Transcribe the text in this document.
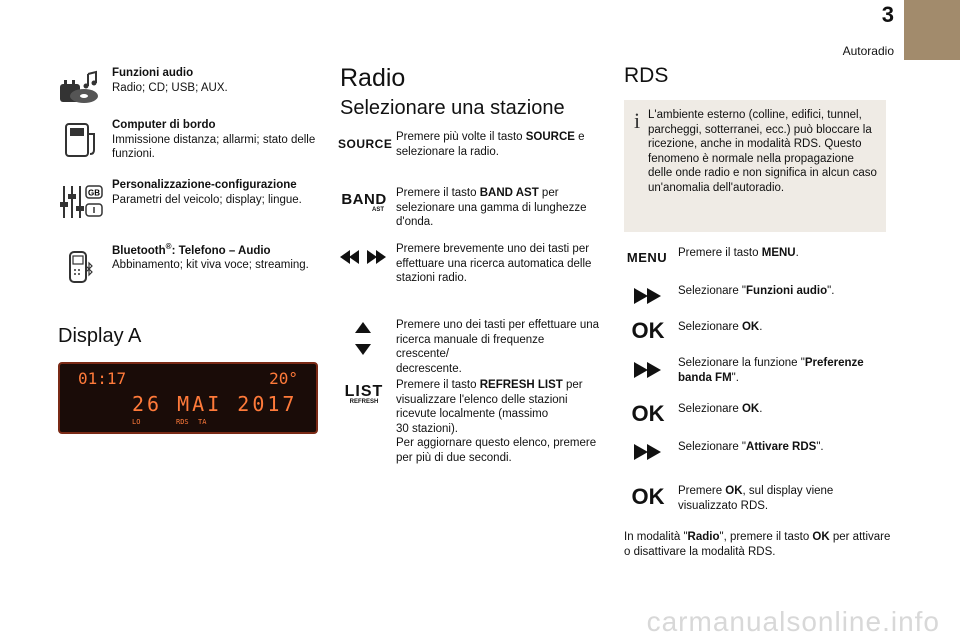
3
Autoradio
Funzioni audio
Radio; CD; USB; AUX.
Computer di bordo
Immissione distanza; allarmi; stato delle
funzioni.
GB
Personalizzazione-configurazione
Parametri del veicolo; display; lingue.
Bluetooth®: Telefono – Audio
Abbinamento; kit viva voce; streaming.
Display A
01:17	20°
26 MAI 2017
LO	RDS TA
Radio
Selezionare una stazione
SOURCE Premere più volte il tasto SOURCE e
selezionare la radio.
BAND
AST
Premere il tasto BAND AST per
selezionare una gamma di lunghezze
d'onda.
Premere brevemente uno dei tasti per
effettuare una ricerca automatica delle
stazioni radio.
Premere uno dei tasti per effettuare una
ricerca manuale di frequenze crescente/
decrescente.
LIST
REFRESH
Premere il tasto REFRESH LIST per
visualizzare l'elenco delle stazioni
ricevute localmente (massimo
30 stazioni).
Per aggiornare questo elenco, premere
per più di due secondi.
RDS
i L'ambiente esterno (colline, edifici, tunnel,
parcheggi, sotterranei, ecc.) può bloccare la
ricezione, anche in modalità RDS. Questo
fenomeno è normale nella propagazione
delle onde radio e non significa in alcun caso
un'anomalia dell'autoradio.
MENU Premere il tasto MENU.
Selezionare "Funzioni audio".
OK	Selezionare OK.
Selezionare la funzione "Preferenze
banda FM".
OK	Selezionare OK.
Selezionare "Attivare RDS".
OK	Premere OK, sul display viene
visualizzato RDS.
In modalità "Radio", premere il tasto OK per attivare
o disattivare la modalità RDS.
carmanualsonline.info
